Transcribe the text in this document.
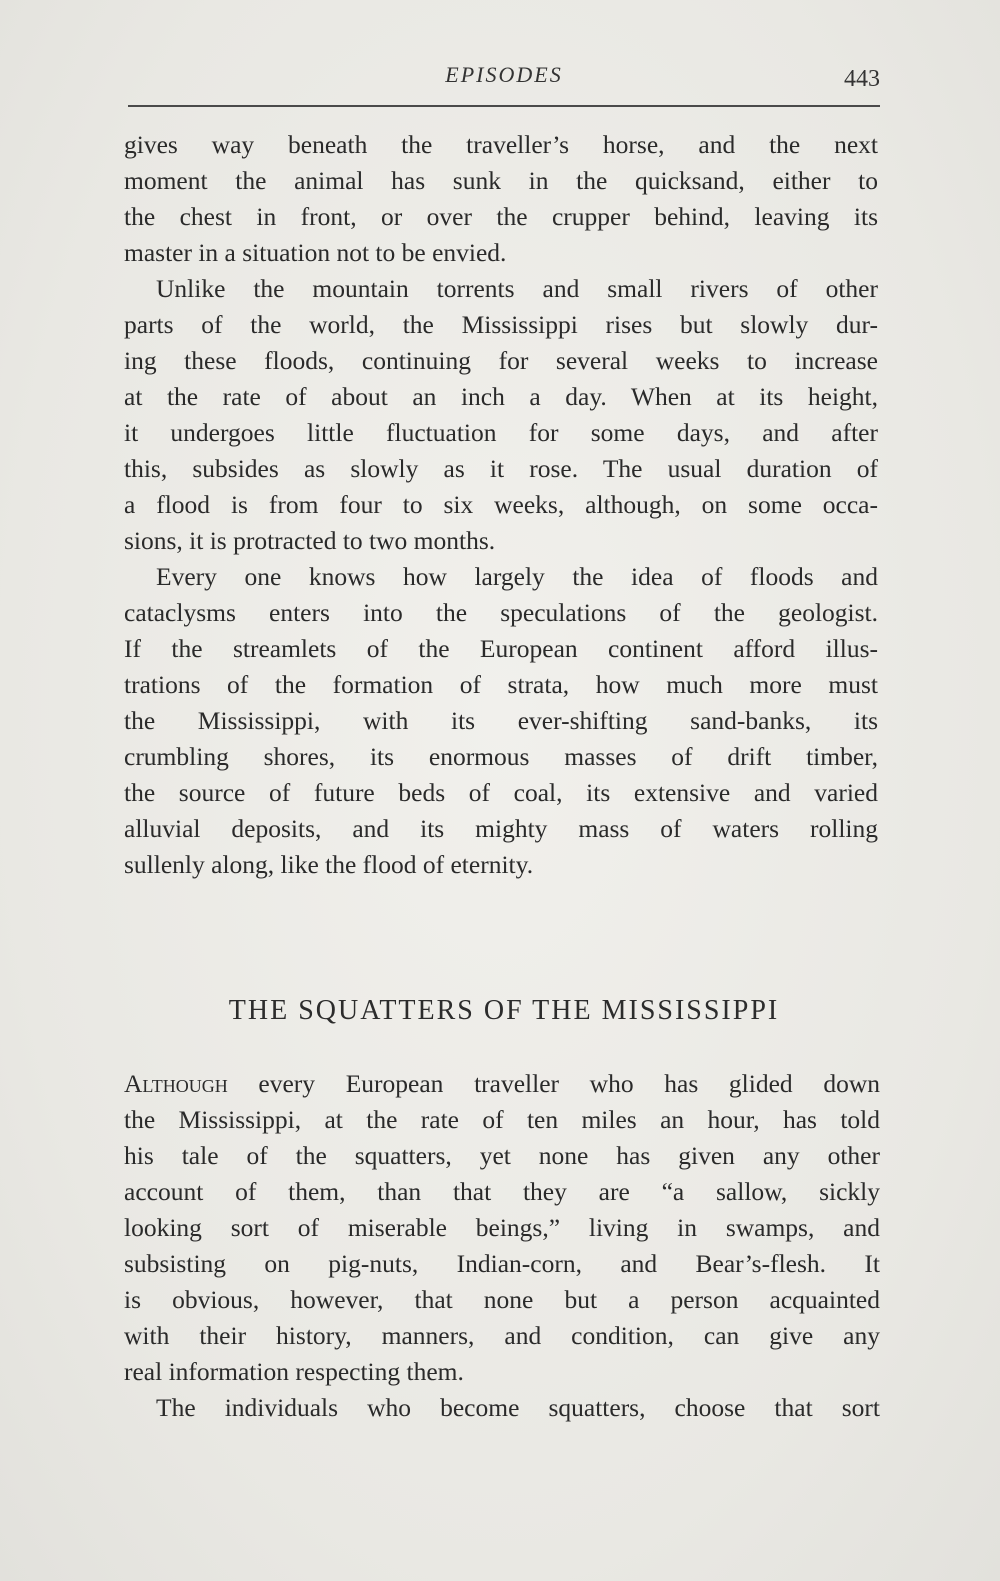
EPISODES	443
gives way beneath the traveller’s horse, and the next
moment the animal has sunk in the quicksand, either to
the chest in front, or over the crupper behind, leaving its
master in a situation not to be envied.
Unlike the mountain torrents and small rivers of other
parts of the world, the Mississippi rises but slowly dur-
ing these floods, continuing for several weeks to increase
at the rate of about an inch a day. When at its height,
it undergoes little fluctuation for some days, and after
this, subsides as slowly as it rose. The usual duration of
a flood is from four to six weeks, although, on some occa-
sions, it is protracted to two months.
Every one knows how largely the idea of floods and
cataclysms enters into the speculations of the geologist.
If the streamlets of the European continent afford illus-
trations of the formation of strata, how much more must
the Mississippi, with its ever-shifting sand-banks, its
crumbling shores, its enormous masses of drift timber,
the source of future beds of coal, its extensive and varied
alluvial deposits, and its mighty mass of waters rolling
sullenly along, like the flood of eternity.
THE SQUATTERS OF THE MISSISSIPPI
Although every European traveller who has glided down
the Mississippi, at the rate of ten miles an hour, has told
his tale of the squatters, yet none has given any other
account of them, than that they are “a sallow, sickly
looking sort of miserable beings,” living in swamps, and
subsisting on pig-nuts, Indian-corn, and Bear’s-flesh. It
is obvious, however, that none but a person acquainted
with their history, manners, and condition, can give any
real information respecting them.
The individuals who become squatters, choose that sort
